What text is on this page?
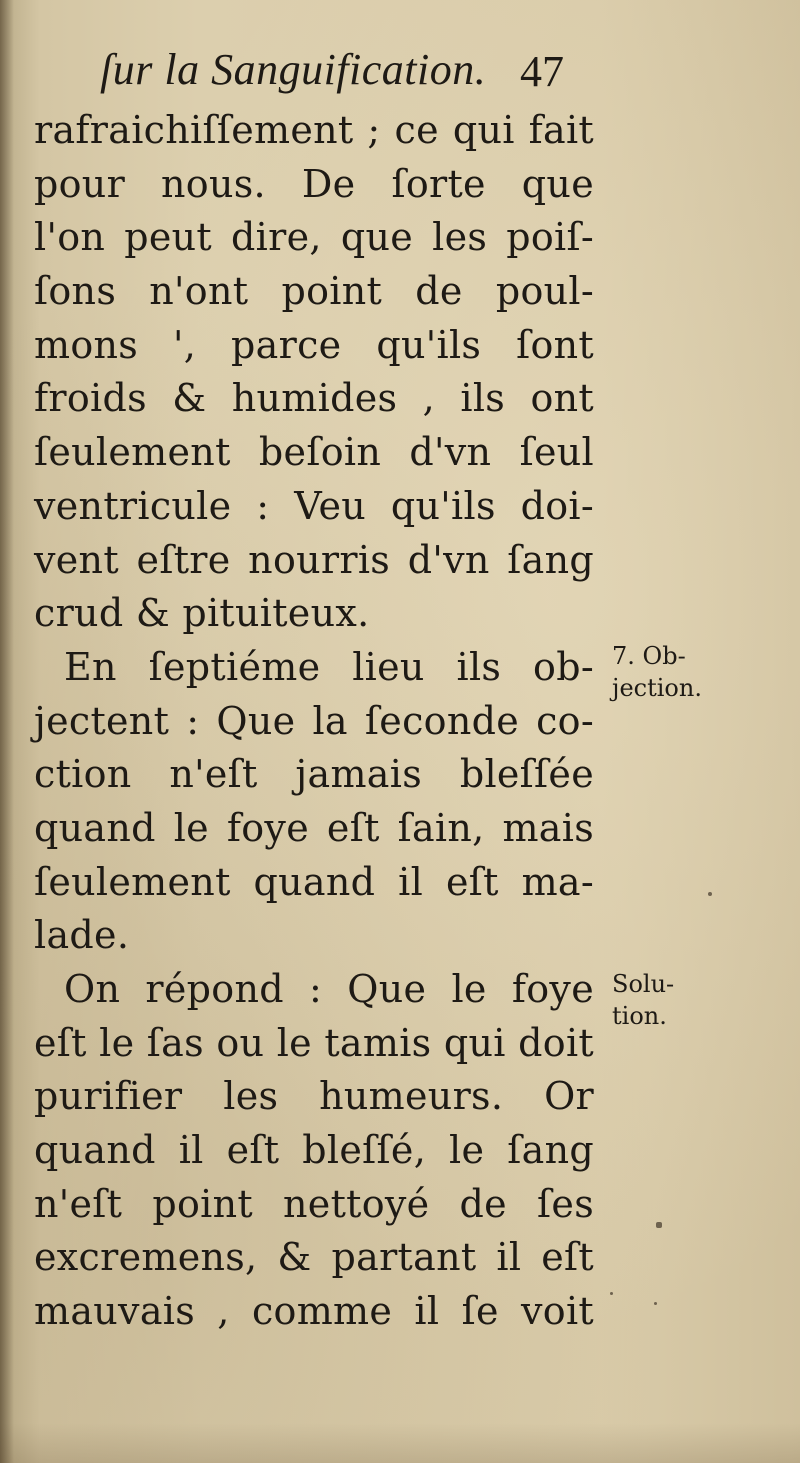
ſur la Sanguification. 47
rafraichiſſement ; ce qui fait
pour nous. De ſorte que
l'on peut dire, que les poiſ-
ſons n'ont point de poul-
mons ', parce qu'ils ſont
froids & humides , ils ont
ſeulement beſoin d'vn ſeul
ventricule : Veu qu'ils doi-
vent eſtre nourris d'vn ſang
crud & pituiteux.
En ſeptiéme lieu ils ob-
jectent : Que la ſeconde co-
ction n'eſt jamais bleſſée
quand le foye eſt ſain, mais
ſeulement quand il eſt ma-
lade.
On répond : Que le foye
eſt le ſas ou le tamis qui doit
purifier les humeurs. Or
quand il eſt bleſſé, le ſang
n'eſt point nettoyé de ſes
excremens, & partant il eſt
mauvais , comme il ſe voit
7. Ob-
jection.
Solu-
tion.
